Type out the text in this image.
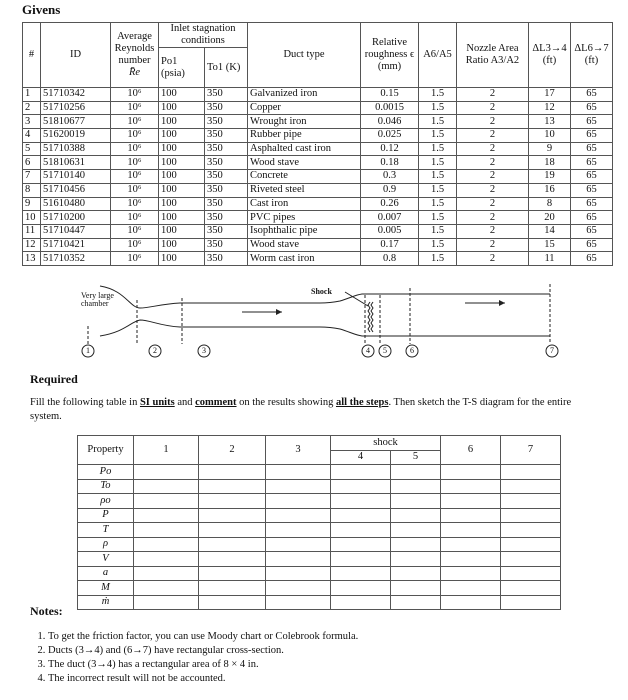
Givens
#	ID	Average Reynolds number
R̄e	Inlet stagnation conditions		Duct type	Relative roughness ϵ (mm)	A6/A5	Nozzle Area Ratio A3/A2	ΔL3→4 (ft)	ΔL6→7 (ft)
			Po1 (psia)	To1 (K)						
1	51710342	10⁶	100	350	Galvanized iron	0.15	1.5	2	17	65
2	51710256	10⁶	100	350	Copper	0.0015	1.5	2	12	65
3	51810677	10⁶	100	350	Wrought iron	0.046	1.5	2	13	65
4	51620019	10⁶	100	350	Rubber pipe	0.025	1.5	2	10	65
5	51710388	10⁶	100	350	Asphalted cast iron	0.12	1.5	2	9	65
6	51810631	10⁶	100	350	Wood stave	0.18	1.5	2	18	65
7	51710140	10⁶	100	350	Concrete	0.3	1.5	2	19	65
8	51710456	10⁶	100	350	Riveted steel	0.9	1.5	2	16	65
9	51610480	10⁶	100	350	Cast iron	0.26	1.5	2	8	65
10	51710200	10⁶	100	350	PVC pipes	0.007	1.5	2	20	65
11	51710447	10⁶	100	350	Isophthalic pipe	0.005	1.5	2	14	65
12	51710421	10⁶	100	350	Wood stave	0.17	1.5	2	15	65
13	51710352	10⁶	100	350	Worm cast iron	0.8	1.5	2	11	65
Very large chamber
Shock
1	2	3	4	5	6	7
Required
Fill the following table in SI units and comment on the results showing all the steps. Then sketch the T-S diagram for the entire system.
Property	1	2	3	shock		6	7
				4	5		
Po							
To							
ρo							
P							
T							
ρ							
V							
a							
M							
ṁ							
Notes:
1. To get the friction factor, you can use Moody chart or Colebrook formula.
2. Ducts (3→4) and (6→7) have rectangular cross-section.
3. The duct (3→4) has a rectangular area of 8 × 4 in.
4. The incorrect result will not be accounted.
